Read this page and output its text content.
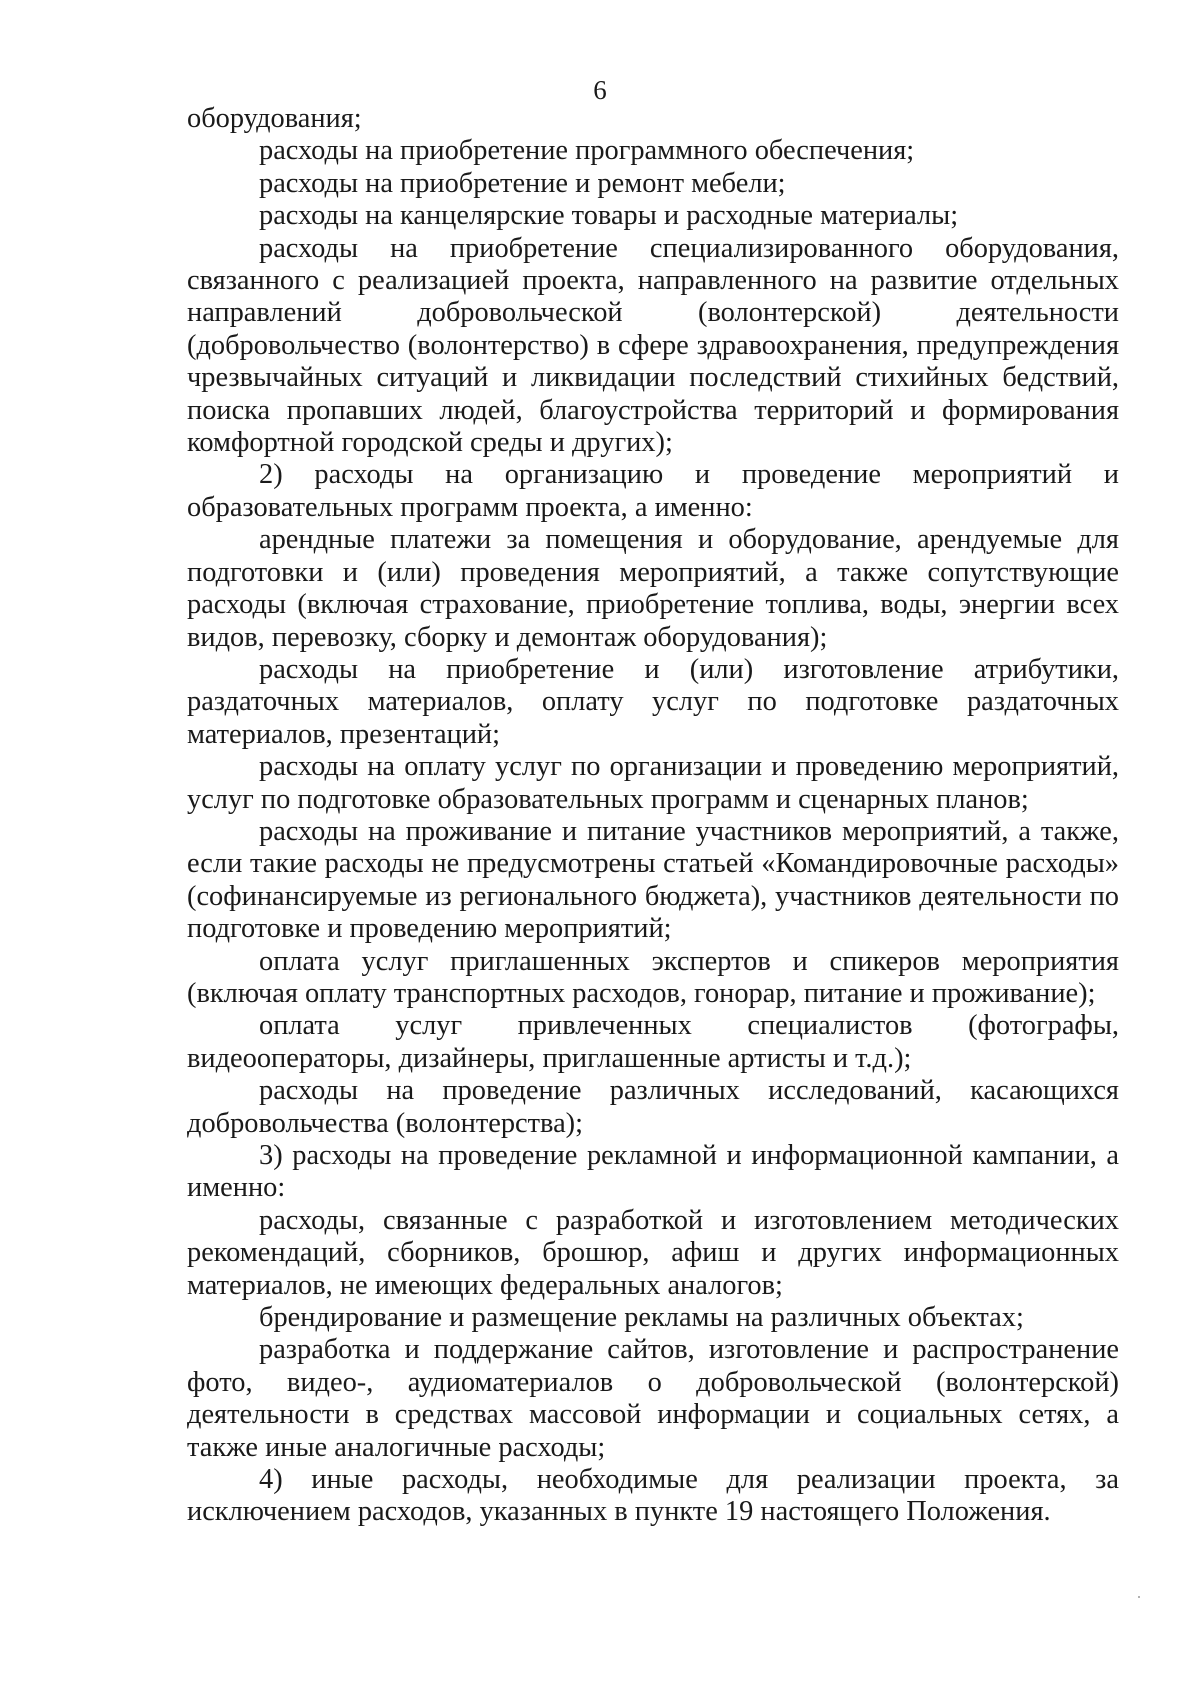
6

оборудования;

расходы на приобретение программного обеспечения;

расходы на приобретение и ремонт мебели;

расходы на канцелярские товары и расходные материалы;

расходы на приобретение специализированного оборудования, связанного с реализацией проекта, направленного на развитие отдельных направлений добровольческой (волонтерской) деятельности (добровольчество (волонтерство) в сфере здравоохранения, предупреждения чрезвычайных ситуаций и ликвидации последствий стихийных бедствий, поиска пропавших людей, благоустройства территорий и формирования комфортной городской среды и других);

2) расходы на организацию и проведение мероприятий и образовательных программ проекта, а именно:

арендные платежи за помещения и оборудование, арендуемые для подготовки и (или) проведения мероприятий, а также сопутствующие расходы (включая страхование, приобретение топлива, воды, энергии всех видов, перевозку, сборку и демонтаж оборудования);

расходы на приобретение и (или) изготовление атрибутики, раздаточных материалов, оплату услуг по подготовке раздаточных материалов, презентаций;

расходы на оплату услуг по организации и проведению мероприятий, услуг по подготовке образовательных программ и сценарных планов;

расходы на проживание и питание участников мероприятий, а также, если такие расходы не предусмотрены статьей «Командировочные расходы» (софинансируемые из регионального бюджета), участников деятельности по подготовке и проведению мероприятий;

оплата услуг приглашенных экспертов и спикеров мероприятия (включая оплату транспортных расходов, гонорар, питание и проживание);

оплата услуг привлеченных специалистов (фотографы, видеооператоры, дизайнеры, приглашенные артисты и т.д.);

расходы на проведение различных исследований, касающихся добровольчества (волонтерства);

3) расходы на проведение рекламной и информационной кампании, а именно:

расходы, связанные с разработкой и изготовлением методических рекомендаций, сборников, брошюр, афиш и других информационных материалов, не имеющих федеральных аналогов;

брендирование и размещение рекламы на различных объектах;

разработка и поддержание сайтов, изготовление и распространение фото, видео-, аудиоматериалов о добровольческой (волонтерской) деятельности в средствах массовой информации и социальных сетях, а также иные аналогичные расходы;

4) иные расходы, необходимые для реализации проекта, за исключением расходов, указанных в пункте 19 настоящего Положения.
